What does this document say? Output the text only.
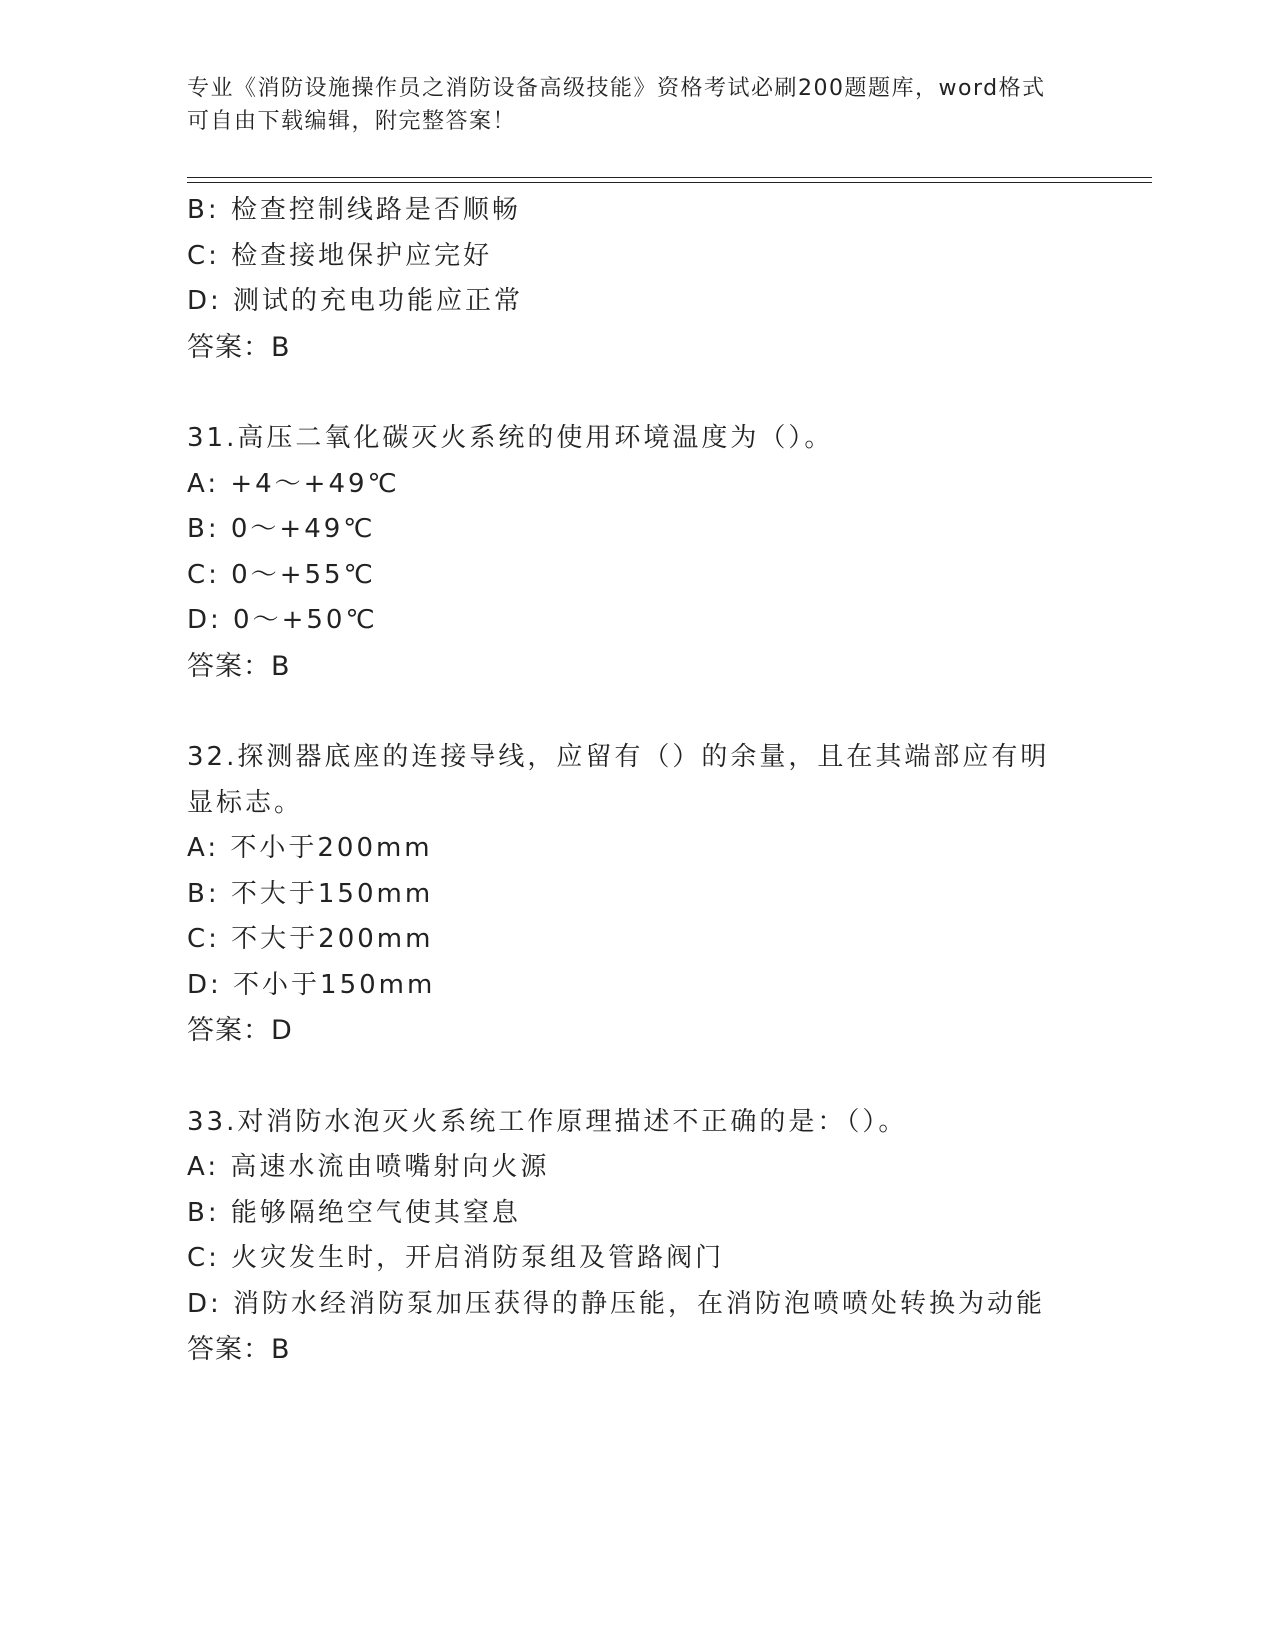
专业《消防设施操作员之消防设备高级技能》资格考试必刷200题题库，word格式可自由下载编辑，附完整答案！
B: 检查控制线路是否顺畅
C: 检查接地保护应完好
D: 测试的充电功能应正常
答案：B
31.高压二氧化碳灭火系统的使用环境温度为（）。
A: +4～+49℃
B: 0～+49℃
C: 0～+55℃
D: 0～+50℃
答案：B
32.探测器底座的连接导线，应留有（）的余量，且在其端部应有明显标志。
A: 不小于200mm
B: 不大于150mm
C: 不大于200mm
D: 不小于150mm
答案：D
33.对消防水泡灭火系统工作原理描述不正确的是：（）。
A: 高速水流由喷嘴射向火源
B: 能够隔绝空气使其窒息
C: 火灾发生时，开启消防泵组及管路阀门
D: 消防水经消防泵加压获得的静压能，在消防泡喷喷处转换为动能
答案：B
